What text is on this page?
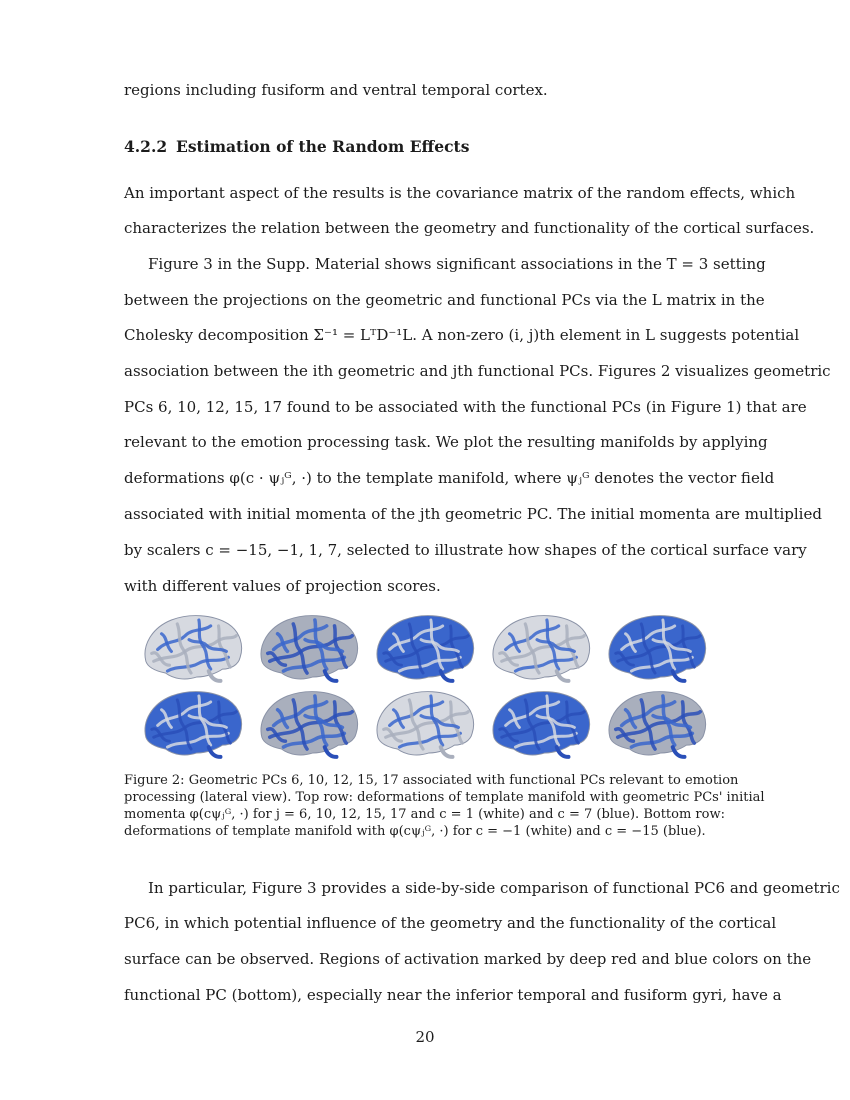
regions including fusiform and ventral temporal cortex.
4.2.2 Estimation of the Random Effects
An important aspect of the results is the covariance matrix of the random effects, which
characterizes the relation between the geometry and functionality of the cortical surfaces.
Figure 3 in the Supp. Material shows significant associations in the T = 3 setting
between the projections on the geometric and functional PCs via the L matrix in the
Cholesky decomposition Σ⁻¹ = LᵀD⁻¹L. A non-zero (i, j)th element in L suggests potential
association between the ith geometric and jth functional PCs. Figures 2 visualizes geometric
PCs 6, 10, 12, 15, 17 found to be associated with the functional PCs (in Figure 1) that are
relevant to the emotion processing task. We plot the resulting manifolds by applying
deformations φ(c · ψⱼᴳ, ·) to the template manifold, where ψⱼᴳ denotes the vector field
associated with initial momenta of the jth geometric PC. The initial momenta are multiplied
by scalers c = −15, −1, 1, 7, selected to illustrate how shapes of the cortical surface vary
with different values of projection scores.
Figure 2: Geometric PCs 6, 10, 12, 15, 17 associated with functional PCs relevant to emotion
processing (lateral view). Top row: deformations of template manifold with geometric PCs' initial
momenta φ(cψⱼᴳ, ·) for j = 6, 10, 12, 15, 17 and c = 1 (white) and c = 7 (blue). Bottom row:
deformations of template manifold with φ(cψⱼᴳ, ·) for c = −1 (white) and c = −15 (blue).
In particular, Figure 3 provides a side-by-side comparison of functional PC6 and geometric
PC6, in which potential influence of the geometry and the functionality of the cortical
surface can be observed. Regions of activation marked by deep red and blue colors on the
functional PC (bottom), especially near the inferior temporal and fusiform gyri, have a
20
